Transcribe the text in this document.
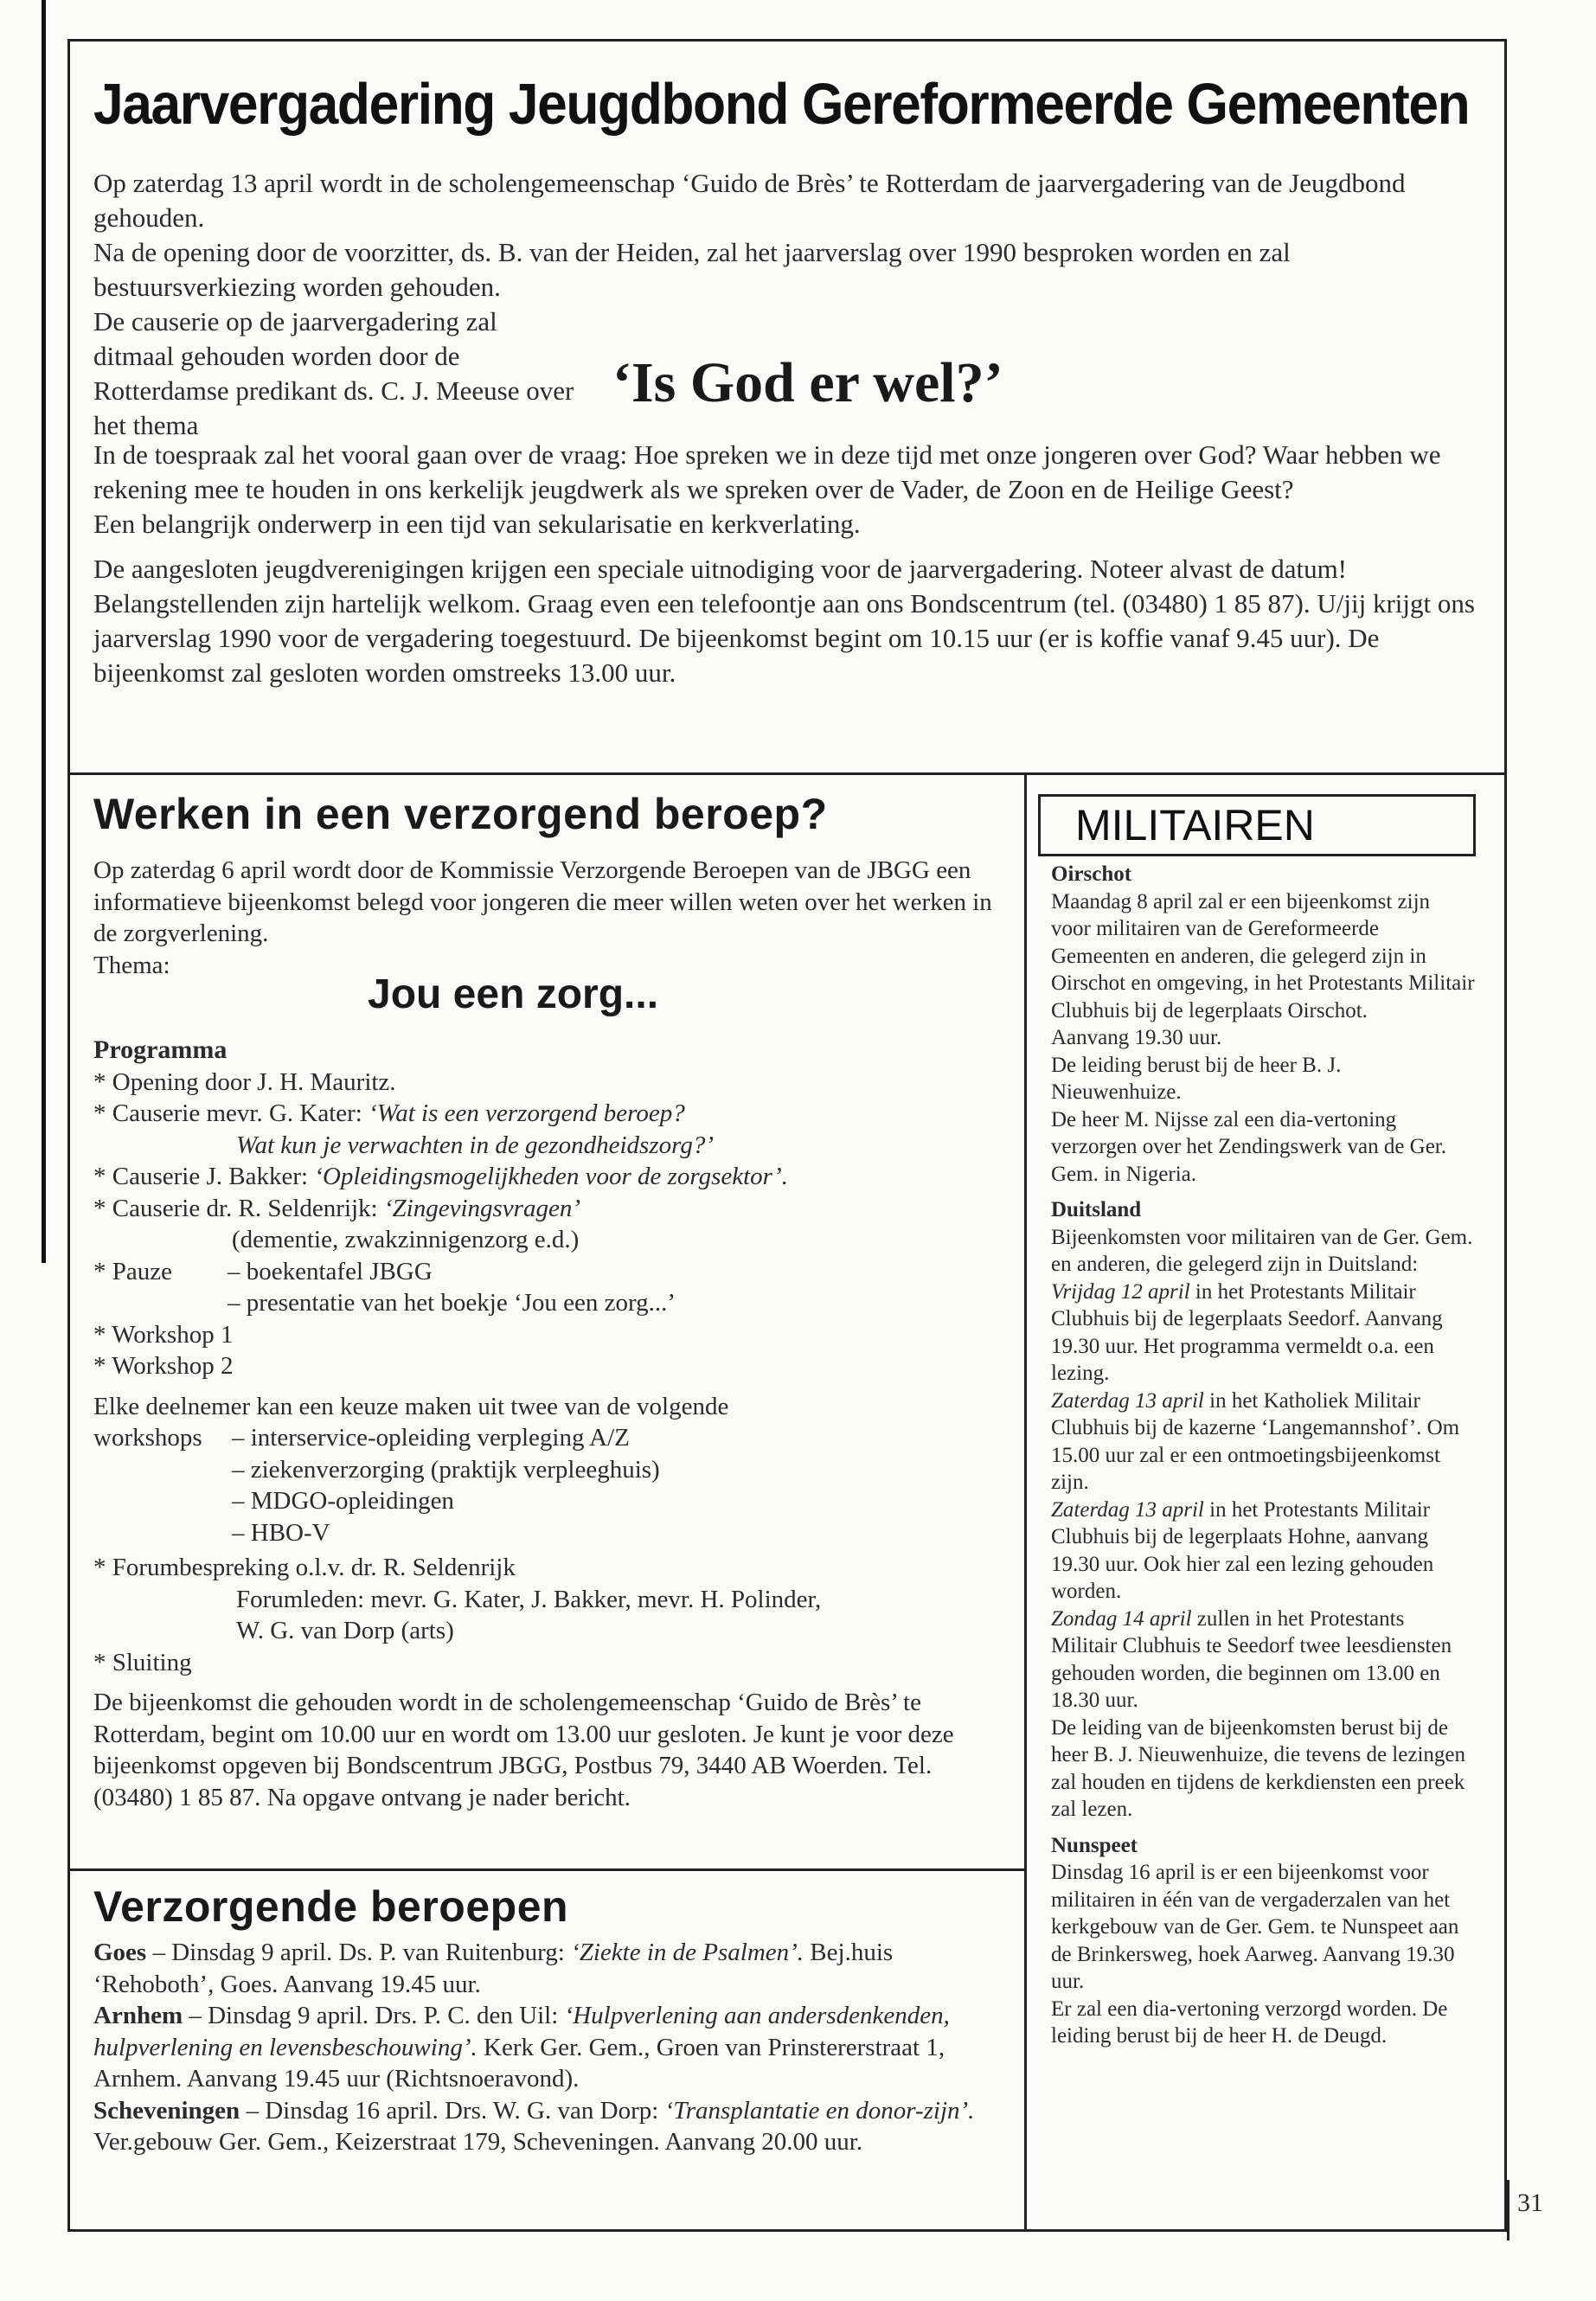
Jaarvergadering Jeugdbond Gereformeerde Gemeenten

Op zaterdag 13 april wordt in de scholengemeenschap ‘Guido de Brès’ te Rotterdam de jaarvergadering van de Jeugdbond gehouden.

Na de opening door de voorzitter, ds. B. van der Heiden, zal het jaarverslag over 1990 besproken worden en zal bestuursverkiezing worden gehouden.

De causerie op de jaarvergadering zal ditmaal gehouden worden door de Rotterdamse predikant ds. C. J. Meeuse over het thema

‘Is God er wel?’

In de toespraak zal het vooral gaan over de vraag: Hoe spreken we in deze tijd met onze jongeren over God? Waar hebben we rekening mee te houden in ons kerkelijk jeugdwerk als we spreken over de Vader, de Zoon en de Heilige Geest?

Een belangrijk onderwerp in een tijd van sekularisatie en kerkverlating.

De aangesloten jeugdverenigingen krijgen een speciale uitnodiging voor de jaarvergadering. Noteer alvast de datum! Belangstellenden zijn hartelijk welkom. Graag even een telefoontje aan ons Bondscentrum (tel. (03480) 1 85 87). U/jij krijgt ons jaarverslag 1990 voor de vergadering toegestuurd. De bijeenkomst begint om 10.15 uur (er is koffie vanaf 9.45 uur). De bijeenkomst zal gesloten worden omstreeks 13.00 uur.

Werken in een verzorgend beroep?

Op zaterdag 6 april wordt door de Kommissie Verzorgende Beroepen van de JBGG een informatieve bijeenkomst belegd voor jongeren die meer willen weten over het werken in de zorgverlening.

Thema:

Jou een zorg...
Programma

* Opening door J. H. Mauritz.

* Causerie mevr. G. Kater: ‘Wat is een verzorgend beroep?

Wat kun je verwachten in de gezondheidszorg?’

* Causerie J. Bakker: ‘Opleidingsmogelijkheden voor de zorgsektor’.

* Causerie dr. R. Seldenrijk: ‘Zingevingsvragen’

(dementie, zwakzinnigenzorg e.d.)

* Pauze – boekentafel JBGG

– presentatie van het boekje ‘Jou een zorg...’

* Workshop 1

* Workshop 2

Elke deelnemer kan een keuze maken uit twee van de volgende

workshops – interservice-opleiding verpleging A/Z

– ziekenverzorging (praktijk verpleeghuis)

– MDGO-opleidingen

– HBO-V

* Forumbespreking o.l.v. dr. R. Seldenrijk

Forumleden: mevr. G. Kater, J. Bakker, mevr. H. Polinder,

W. G. van Dorp (arts)

* Sluiting

De bijeenkomst die gehouden wordt in de scholengemeenschap ‘Guido de Brès’ te Rotterdam, begint om 10.00 uur en wordt om 13.00 uur gesloten. Je kunt je voor deze bijeenkomst opgeven bij Bondscentrum JBGG, Postbus 79, 3440 AB Woerden. Tel. (03480) 1 85 87. Na opgave ontvang je nader bericht.

Verzorgende beroepen

Goes – Dinsdag 9 april. Ds. P. van Ruitenburg: ‘Ziekte in de Psalmen’. Bej.huis ‘Rehoboth’, Goes. Aanvang 19.45 uur.

Arnhem – Dinsdag 9 april. Drs. P. C. den Uil: ‘Hulpverlening aan andersdenkenden, hulpverlening en levensbeschouwing’. Kerk Ger. Gem., Groen van Prinstererstraat 1, Arnhem. Aanvang 19.45 uur (Richtsnoeravond).

Scheveningen – Dinsdag 16 april. Drs. W. G. van Dorp: ‘Transplantatie en donor-zijn’. Ver.gebouw Ger. Gem., Keizerstraat 179, Scheveningen. Aanvang 20.00 uur.

MILITAIREN
Oirschot
Maandag 8 april zal er een bijeenkomst zijn voor militairen van de Gereformeerde Gemeenten en anderen, die gelegerd zijn in Oirschot en omgeving, in het Protestants Militair Clubhuis bij de legerplaats Oirschot.
Aanvang 19.30 uur.
De leiding berust bij de heer B. J. Nieuwenhuize.
De heer M. Nijsse zal een dia-vertoning verzorgen over het Zendingswerk van de Ger. Gem. in Nigeria.
Duitsland
Bijeenkomsten voor militairen van de Ger. Gem. en anderen, die gelegerd zijn in Duitsland:
Vrijdag 12 april in het Protestants Militair Clubhuis bij de legerplaats Seedorf. Aanvang 19.30 uur. Het programma vermeldt o.a. een lezing.
Zaterdag 13 april in het Katholiek Militair Clubhuis bij de kazerne ‘Langemannshof’. Om 15.00 uur zal er een ontmoetingsbijeenkomst zijn.
Zaterdag 13 april in het Protestants Militair Clubhuis bij de legerplaats Hohne, aanvang 19.30 uur. Ook hier zal een lezing gehouden worden.
Zondag 14 april zullen in het Protestants Militair Clubhuis te Seedorf twee leesdiensten gehouden worden, die beginnen om 13.00 en 18.30 uur.
De leiding van de bijeenkomsten berust bij de heer B. J. Nieuwenhuize, die tevens de lezingen zal houden en tijdens de kerkdiensten een preek zal lezen.
Nunspeet
Dinsdag 16 april is er een bijeenkomst voor militairen in één van de vergaderzalen van het kerkgebouw van de Ger. Gem. te Nunspeet aan de Brinkersweg, hoek Aarweg. Aanvang 19.30 uur.
Er zal een dia-vertoning verzorgd worden. De leiding berust bij de heer H. de Deugd.
31
